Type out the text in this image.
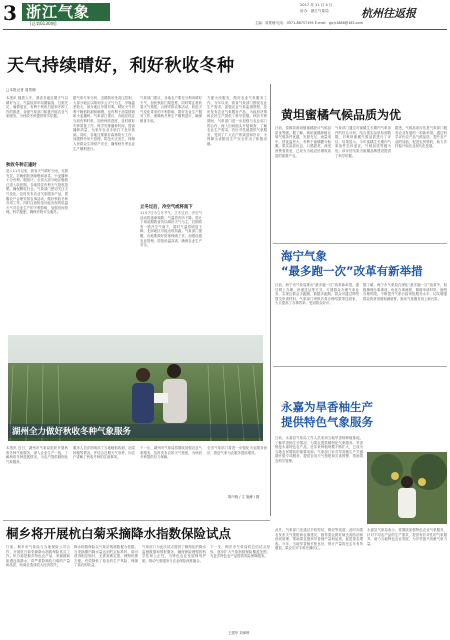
3 浙江气象
[总第0130期]
2017 年 11 月 4 日
协办：浙江气象局	杭州往返报
主编：周景楠 电话：0571-86757195 E-mail：gjcjr1888@163.com
天气持续晴好，利好秋收冬种
□本报记者 周景楠
本报讯 随着入冬，我省各地近期天气以晴好为主，气温较常年同期偏高，日照充足，墒情适宜，有利于秋收扫尾和冬种工作的推进，各级气象部门积极开展农业气象服务，为秋收冬种提供科学依据。
秋收冬种正逢时
进入11月以来，我省天气晴好少雨，光照充足，对晚稻收获晾晒和油菜、小麦播种十分有利。据统计，全省大部分地区晚稻已进入收获期，各地抓住有利天气抢收抢晒，确保颗粒归仓。气象部门密切关注天气变化，及时发布农业气象服务产品，提醒农户合理安排农事活动，做好秋收冬种各项工作，同时注意防范可能出现的低温天气对农业生产的不利影响，加强田间管理，科学施肥，确保作物安全越冬。
据气象专家分析，近期我省受高压控制，大部分地区以晴到多云天气为主，早晚温差较大，部分地区早晨有雾。晴好天气有利于晚稻收割和晾晒，也有利于油菜移栽和小麦播种。气象部门建议，各地应抓住当前有利时机，加快秋收进度，及时做好冬种准备工作，科学安排播种时间，提高播种质量，为来年农业丰收打下良好基础。同时，各地还要做好森林防火工作，加强野外用火管理，防范火灾发生，保障人民群众生命财产安全，确保秋冬季农业生产顺利进行。
气象部门建议，各地农户要充分利用晴好天气，加快秋收扫尾进度，同时要注意收看天气预报，合理安排农事活动，防范天气变化带来的不利影响，做好农业生产服务工作，保障秋冬种生产顺利进行，确保粮食丰收。
立冬过后，冷空气或将南下
11月7日为立冬节气，立冬过后，冷空气活动将逐渐频繁，气温将有所下降。预计下周前期我省仍以晴好天气为主，后期将有一股冷空气南下，届时气温将明显下降，北部地区可能出现初霜。气象部门提醒，各地要做好防寒保暖工作，加强设施农业管理，防范低温冻害，确保农业生产安全。
方便为民服务，做好农业气象服务工作。今年以来，我省气象部门围绕农业生产需求，加强农业气象监测预报，及时发布农业气象服务产品，为政府决策和农民生产提供了科学依据。秋收冬种期间，气象部门进一步加强与农业部门的合作，深入田间地头开展调查，了解农业生产需求，有针对性地提供气象服务，受到了广大农户的欢迎和好评，为保障全省粮食生产安全作出了积极贡献。
湖州全力做好秋收冬种气象服务
本报讯 近日，湖州市气象局组织开展秋收冬种气象服务，深入农业生产一线，了解秋收冬种进展情况，为农户提供精细化气象服务。
服务人员详细询问了当地晚稻收割、油菜种植等情况，并结合近期天气形势，向农户讲解了秋收冬种的注意事项。
下一步，湖州市气象局将继续加强农业气象服务，及时发布农用天气预报，为秋收冬种提供有力保障。
全市气象部门将进一步强化为农服务意识，推进气象为农服务提质增效。
陈中晓 / 文 施峰 / 摄
黄坦蜜橘气候品质为优
日前，泰顺县黄坦镇蜜橘获评气候品质优等级。据了解，黄坦蜜橘种植区域气候条件优越，光照充足，雨量适中，昼夜温差大，有利于蜜橘糖分积累，果实品质优良，口感甜美，深受消费者喜爱，已成为当地农民增收致富的重要产业。
气象部门通过对蜜橘生长期内气象条件的综合分析，结合果实品质检测数据，对黄坦蜜橘气候品质进行了评估。结果显示，今年蜜橘生长期内气象条件总体适宜，气候品质等级为优。该评估结果为蜜橘品牌建设提供了科学依据。
据悉，气候品质评估是气象部门服务农业发展的一项新举措，通过科学评价农产品气候品质，提升农产品附加值，促进农民增收，助力乡村振兴和农业现代化发展。
海宁气象
“最多跑一次”改革有新举措
日前，海宁市气象局推出“最多跑一次”改革新举措，通过网上办理、快递送达等方式，方便群众办理气象业务，实现让群众少跑腿、数据多跑路。群众可通过网络提交申请材料，气象部门审核后将办理结果寄送到家，大大提高了办事效率，受到群众好评。
据了解，海宁市气象局在深化“最多跑一次”改革中，积极梳理办事事项，优化办事流程，精简申请材料，缩短办理时限，不断提升气象行政审批服务水平，切实增强群众的获得感和满意度，推动气象服务再上新台阶。
永嘉为旱香柚生产
提供特色气象服务
日前，永嘉县气象局工作人员来到当地旱香柚种植基地，了解旱香柚生长情况，为果农提供精细化气象服务。旱香柚是永嘉特色农产品，近年来种植规模不断扩大，已成为当地农民增收的重要来源。气象部门针对旱香柚生产关键期开展专项服务，提供农用天气预报和灾害预警，帮助果农科学管理。
桐乡将开展杭白菊采摘降水指数保险试点
日前，桐乡市气象局与当地保险公司合作，开展杭白菊采摘降水指数保险试点工作。杭白菊是桐乡特色农产品，采摘期间如遇连续降水，将严重影响杭白菊的产量和品质，给菊农造成较大经济损失。
降水指数保险以气象站观测数据为依据，当采摘期内降水量达到约定标准时，即可获得相应赔付，无需查勘定损，理赔快捷方便，有效降低了菊农的生产风险，保障了菊农的收益。
气象部门为此次试点提供了精细化的降水监测数据和预报服务，确保保险理赔的科学性和公正性，为特色农业发展保驾护航，推动气象服务与农业保险深度融合。
下一步，桐乡市气象局将总结试点经验，逐步扩大气象指数保险覆盖范围，为更多特色农产品提供风险保障服务。
王建华 刘承锁
此外，气象部门还通过手机短信、微信等渠道，及时向果农发布天气预报和农事建议，指导果农做好病虫害防治和田间管理，帮助果农提高旱香柚产量和品质，促进果农增收。今年，当地旱香柚长势良好，预计产量将比去年有所增加，果农们对丰收充满信心。
永嘉县气象局表示，将继续加强特色农业气象服务，针对不同农产品的生产需求，提供有针对性的气象服务，助力当地特色农业发展，为乡村振兴贡献气象力量。
